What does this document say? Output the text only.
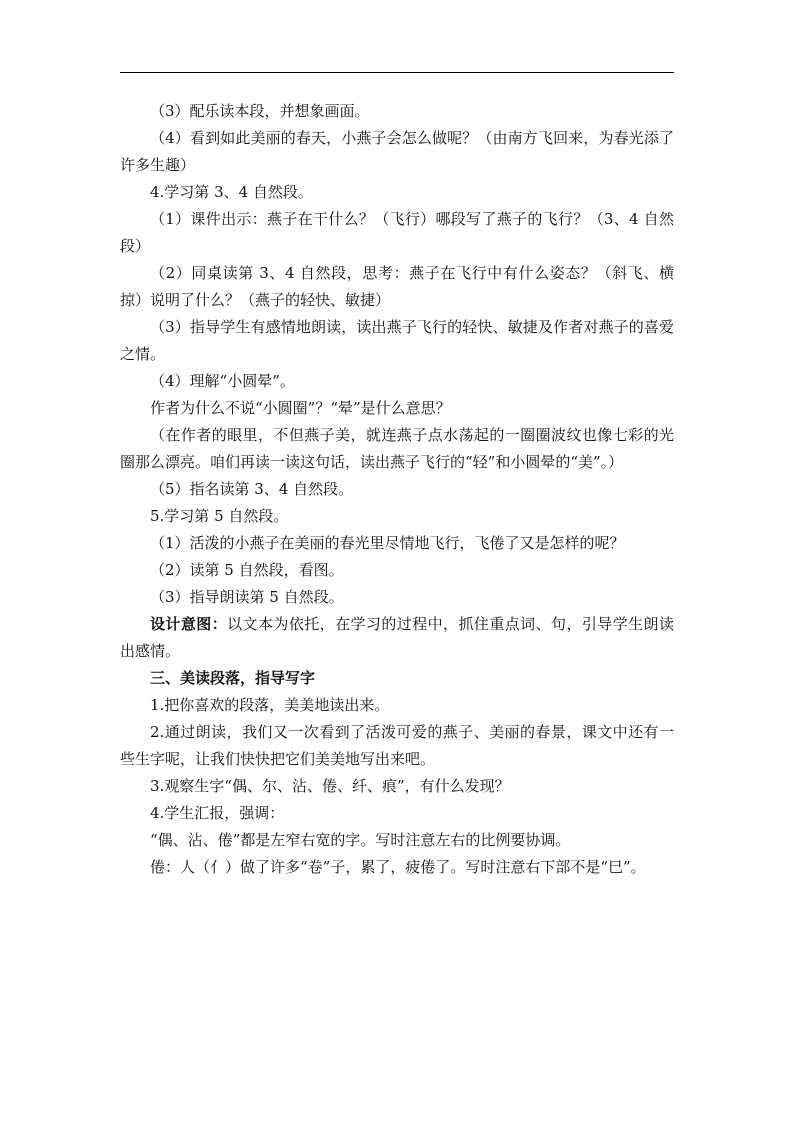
（3）配乐读本段，并想象画面。

（4）看到如此美丽的春天，小燕子会怎么做呢？（由南方飞回来，为春光添了许多生趣）

4.学习第 3、4 自然段。

（1）课件出示：燕子在干什么？（飞行）哪段写了燕子的飞行？（3、4 自然段）

（2）同桌读第 3、4 自然段，思考：燕子在飞行中有什么姿态？（斜飞、横掠）说明了什么？（燕子的轻快、敏捷）

（3）指导学生有感情地朗读，读出燕子飞行的轻快、敏捷及作者对燕子的喜爱之情。

（4）理解“小圆晕”。

作者为什么不说“小圆圈”？“晕”是什么意思？

（在作者的眼里，不但燕子美，就连燕子点水荡起的一圈圈波纹也像七彩的光圈那么漂亮。咱们再读一读这句话，读出燕子飞行的“轻”和小圆晕的“美”。）

（5）指名读第 3、4 自然段。

5.学习第 5 自然段。

（1）活泼的小燕子在美丽的春光里尽情地飞行，飞倦了又是怎样的呢？

（2）读第 5 自然段，看图。

（3）指导朗读第 5 自然段。

设计意图：以文本为依托，在学习的过程中，抓住重点词、句，引导学生朗读出感情。

三、美读段落，指导写字

1.把你喜欢的段落，美美地读出来。

2.通过朗读，我们又一次看到了活泼可爱的燕子、美丽的春景，课文中还有一些生字呢，让我们快快把它们美美地写出来吧。

3.观察生字“偶、尔、沾、倦、纤、痕”，有什么发现？

4.学生汇报，强调：

“偶、沾、倦”都是左窄右宽的字。写时注意左右的比例要协调。

倦：人（亻）做了许多“卷”子，累了，疲倦了。写时注意右下部不是“巳”。
